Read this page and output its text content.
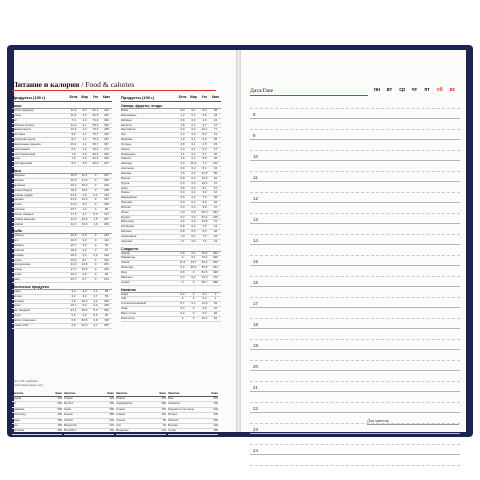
Питание и калории / Food & calories
Продукты (100 г)	Белк	Жир	Угл	Ккал
Каши
Гречка (ядрица)	12,6	3,3	62,1	313
Пшено	11,5	3,3	66,5	342
Рис	7,0	1,0	74,0	344
Овсяные хлопья	12,3	6,1	59,5	352
Манная крупа	10,3	1,0	70,6	328
Перловка	9,3	1,1	73,7	320
Кукурузная крупа	8,3	1,2	75,0	337
Макаронные изделия	10,4	1,1	69,7	337
Хлеб ржаной	6,6	1,2	34,2	174
Хлеб пшеничный	7,6	0,8	49,2	235
Батон	7,5	2,9	51,4	262
Хлеб зерновой	8,3	3,8	40,0	227
Мясо
Говядина	18,9	12,4	0	187
Свинина	16,0	21,6	0	259
Баранина	16,3	15,3	0	203
Курица (бедро)	18,2	18,4	0	238
Куриная грудка	23,6	1,9	0,4	113
Индейка	21,6	12,0	0	197
Кролик	21,0	8,0	0	156
Телятина	19,7	1,2	0	90
Печень говяжья	17,9	3,7	5,3	127
Колбаса вареная	12,0	22,8	1,5	257
Сосиски	11,0	23,9	1,6	266
Рыба
Горбуша	20,5	6,5	0	142
Карп	16,0	5,3	0	112
Камбала	15,7	3,0	0	90
Креветки	18,9	2,2	0	97
Кальмар	18,0	2,2	2,0	100
Лосось	20,0	8,1	0	153
Икра красная	31,6	13,8	0	251
Сельдь	17,7	19,5	0	246
Треска	16,0	0,6	0	69
Тунец	22,7	0,7	0	101
Молочные продукты
Кефир	3,0	3,2	4,1	59
Молоко	3,2	3,2	4,7	59
Сметана	2,8	20,0	3,2	206
Творог	16,7	9,0	2,0	159
Сыр твердый	24,1	29,5	0,3	360
Йогурт	5,0	3,2	8,5	85
Масло сливочное	0,5	82,5	0,8	748
Сливки 20%	2,8	20,0	3,7	205
Продукты (100 г)	Белк	Жир	Угл	Ккал
Овощи, фрукты, ягоды
Бобы	6,0	0,1	8,3	58
Баклажаны	1,2	0,1	4,5	24
Кабачки	0,6	0,3	4,6	24
Капуста	1,8	0,1	4,7	27
Картофель	2,0	0,4	16,1	77
Лук	1,4	0,2	8,2	41
Морковь	1,3	0,1	6,9	35
Огурцы	0,8	0,1	2,5	15
Перец	1,3	0,1	5,3	27
Помидоры	1,1	0,2	3,7	20
Свекла	1,5	0,1	8,8	42
Авокадо	2,0	20,0	7,4	212
Апельсин	0,9	0,2	8,1	43
Бананы	1,5	0,2	21,8	95
Вишня	0,8	0,2	10,6	52
Груша	0,4	0,3	10,3	47
Киви	0,8	0,4	8,1	47
Лимон	0,9	0,1	3,0	16
Мандарины	0,8	0,2	7,5	38
Персики	0,9	0,1	9,5	45
Яблоки	0,4	0,4	9,8	47
Изюм	2,9	0,6	66,0	264
Курага	5,2	0,3	51,0	215
Виноград	0,6	0,2	16,8	72
Клубника	0,8	0,4	7,5	41
Малина	0,8	0,5	8,3	46
Смородина	1,0	0,4	7,3	44
Черника	1,1	0,4	7,6	44
Сладости
Зефир	0,8	0,1	78,5	304
Мармелад	0	0,1	79,4	306
Халва	11,6	29,7	54,0	516
Шоколад	5,4	35,3	56,5	544
Мед	0,8	0	81,5	329
Варенье	0,3	0,2	70,0	272
Сахар	0	0	99,7	398
Напитки
Кофе	0,2	0	0,3	2
Чай	0	0	0,3	1
Сок апельсиновый	0,7	0,1	12,8	54
Пиво	0,3	0	4,6	42
Вино сухое	0,2	0	0,3	66
Кока-кола	0	0	10,4	42
Ккал в 100 г продукта
Расход энергии (ккал в час)
Занятие	Ккал
Ходьба	200
Бег	600
Плавание	500
Велосипед	400
Танцы	300
Йога	180
Аэробика	450
Занятие	Ккал
Теннис	420
Футбол	480
Лыжи	500
Коньки	380
Гребля	430
Баскетбол	470
Волейбол	260
Занятие	Ккал
Уборка	250
Садоводство	300
Стирка	150
Глажка	120
Чтение	80
Сон	65
Вождение	140
Занятие	Ккал
Бокс	650
Скакалка	700
Подъём по лестнице	540
Фитнес	400
Пилатес	250
Боулинг	200
Гольф	280
Дата/Date	пн	вт	ср	чт	пт	сб	вс
8
9
10
11
12
13
14
15
16
17
18
19
20
21
22
23
24
Для заметок
